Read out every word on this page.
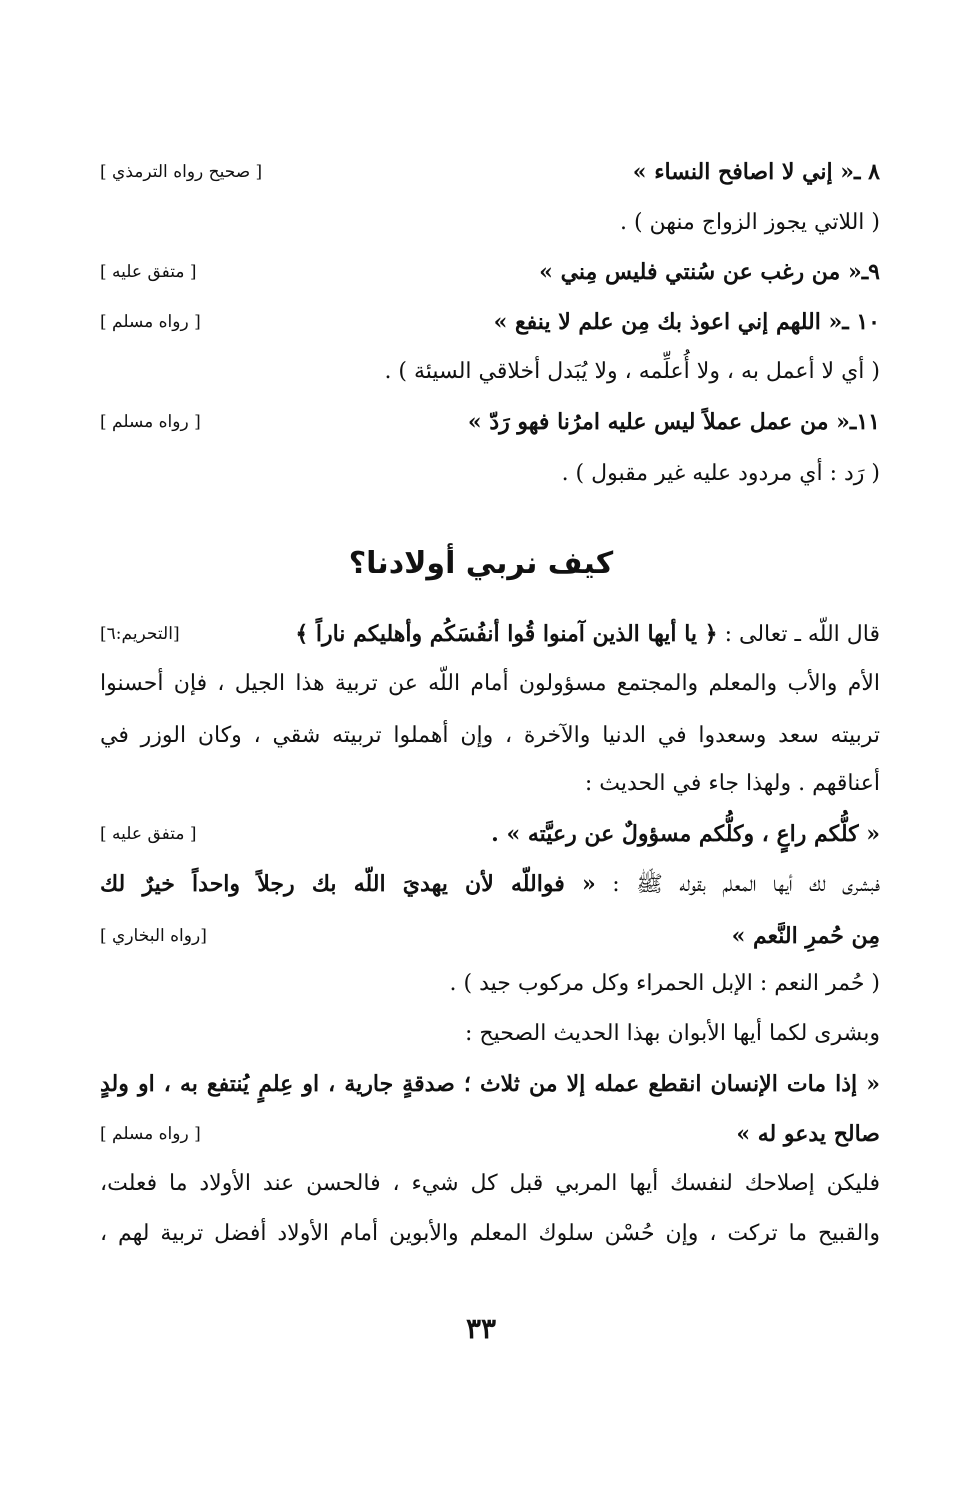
٨ ـ« إني لا اصافح النساء »
[ صحيح رواه الترمذي ]
( اللاتي يجوز الزواج منهن ) .
٩ـ« من رغب عن سُنتي فليس مِني »
[ متفق عليه ]
١٠ ـ« اللهم إني اعوذ بك مِن علم لا ينفع »
[ رواه مسلم ]
( أي لا أعمل به ، ولا أُعلِّمه ، ولا يُبَدل أخلاقي السيئة ) .
١١ـ« من عمل عملاً ليس عليه امرُنا فهو رَدّ »
[ رواه مسلم ]
( رَد : أي مردود عليه غير مقبول ) .
كيف نربي أولادنا؟
قال اللّه ـ تعالى : ﴿ يا أيها الذين آمنوا قُوا أنفُسَكُم وأهليكم ناراً ﴾
[التحريم:٦]
الأم والأب والمعلم والمجتمع مسؤولون أمام اللّه عن تربية هذا الجيل ، فإن أحسنوا
تربيته سعد وسعدوا في الدنيا والآخرة ، وإن أهملوا تربيته شقي ، وكان الوزر في
أعناقهم . ولهذا جاء في الحديث :
« كلُّكم راعٍ ، وكلُّكم مسؤولٌ عن رعيَّته » .
[ متفق عليه ]
فبشرى لك أيها المعلم بقوله ﷺ : « فواللّه لأن يهديَ اللّه بك رجلاً واحداً خيرٌ لك
مِن حُمرِ النَّعم »
[رواه البخاري ]
( حُمر النعم : الإبل الحمراء وكل مركوب جيد ) .
وبشرى لكما أيها الأبوان بهذا الحديث الصحيح :
« إذا مات الإنسان انقطع عمله إلا من ثلاث ؛ صدقةٍ جارية ، او عِلمٍ يُنتفع به ، او ولدٍ
صالح يدعو له »
[ رواه مسلم ]
فليكن إصلاحك لنفسك أيها المربي قبل كل شيء ، فالحسن عند الأولاد ما فعلت،
والقبيح ما تركت ، وإن حُسْن سلوك المعلم والأبوين أمام الأولاد أفضل تربية لهم ،
٣٣
